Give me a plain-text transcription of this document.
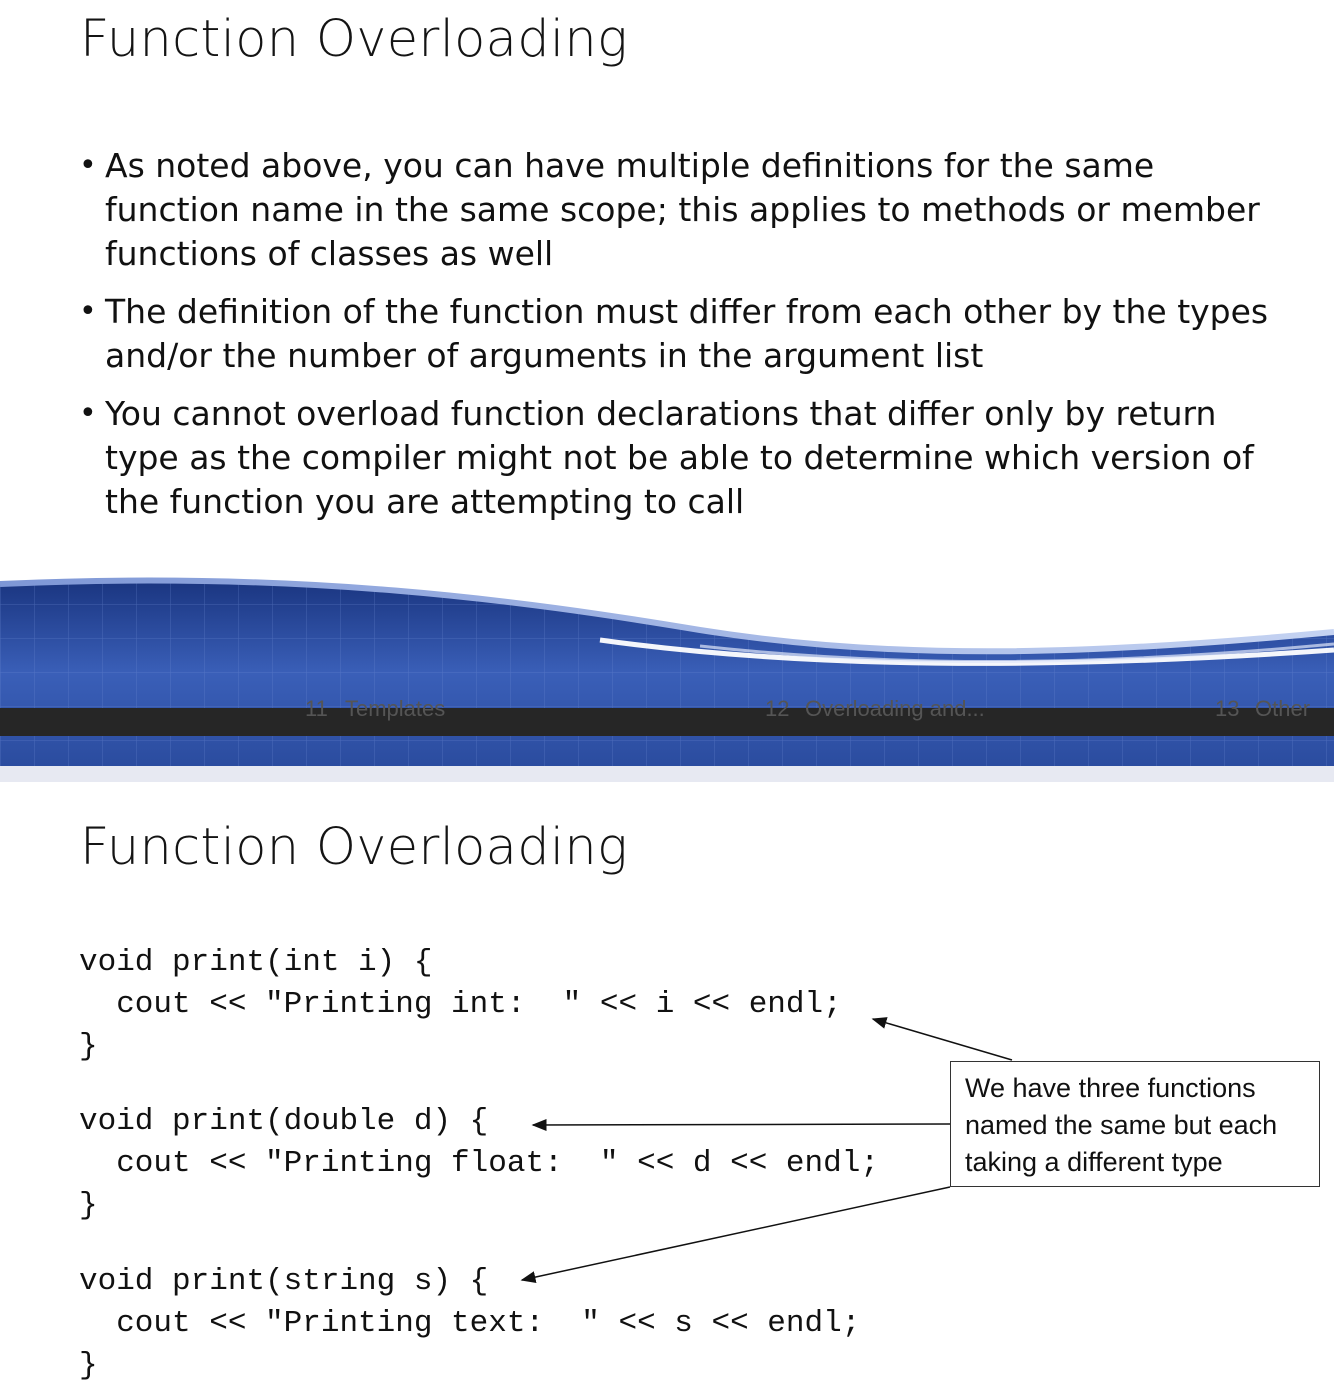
Function Overloading
• As noted above, you can have multiple definitions for the same function name in the same scope; this applies to methods or member functions of classes as well
• The definition of the function must differ from each other by the types and/or the number of arguments in the argument list
• You cannot overload function declarations that differ only by return type as the compiler might not be able to determine which version of the function you are attempting to call
11 Templates	12 Overloading and...	13 Other
Function Overloading
void print(int i) {
cout << "Printing int:  " << i << endl;
}
void print(double d) {
cout << "Printing float:  " << d << endl;
}
void print(string s) {
cout << "Printing text:  " << s << endl;
}
We have three functions named the same but each taking a different type
